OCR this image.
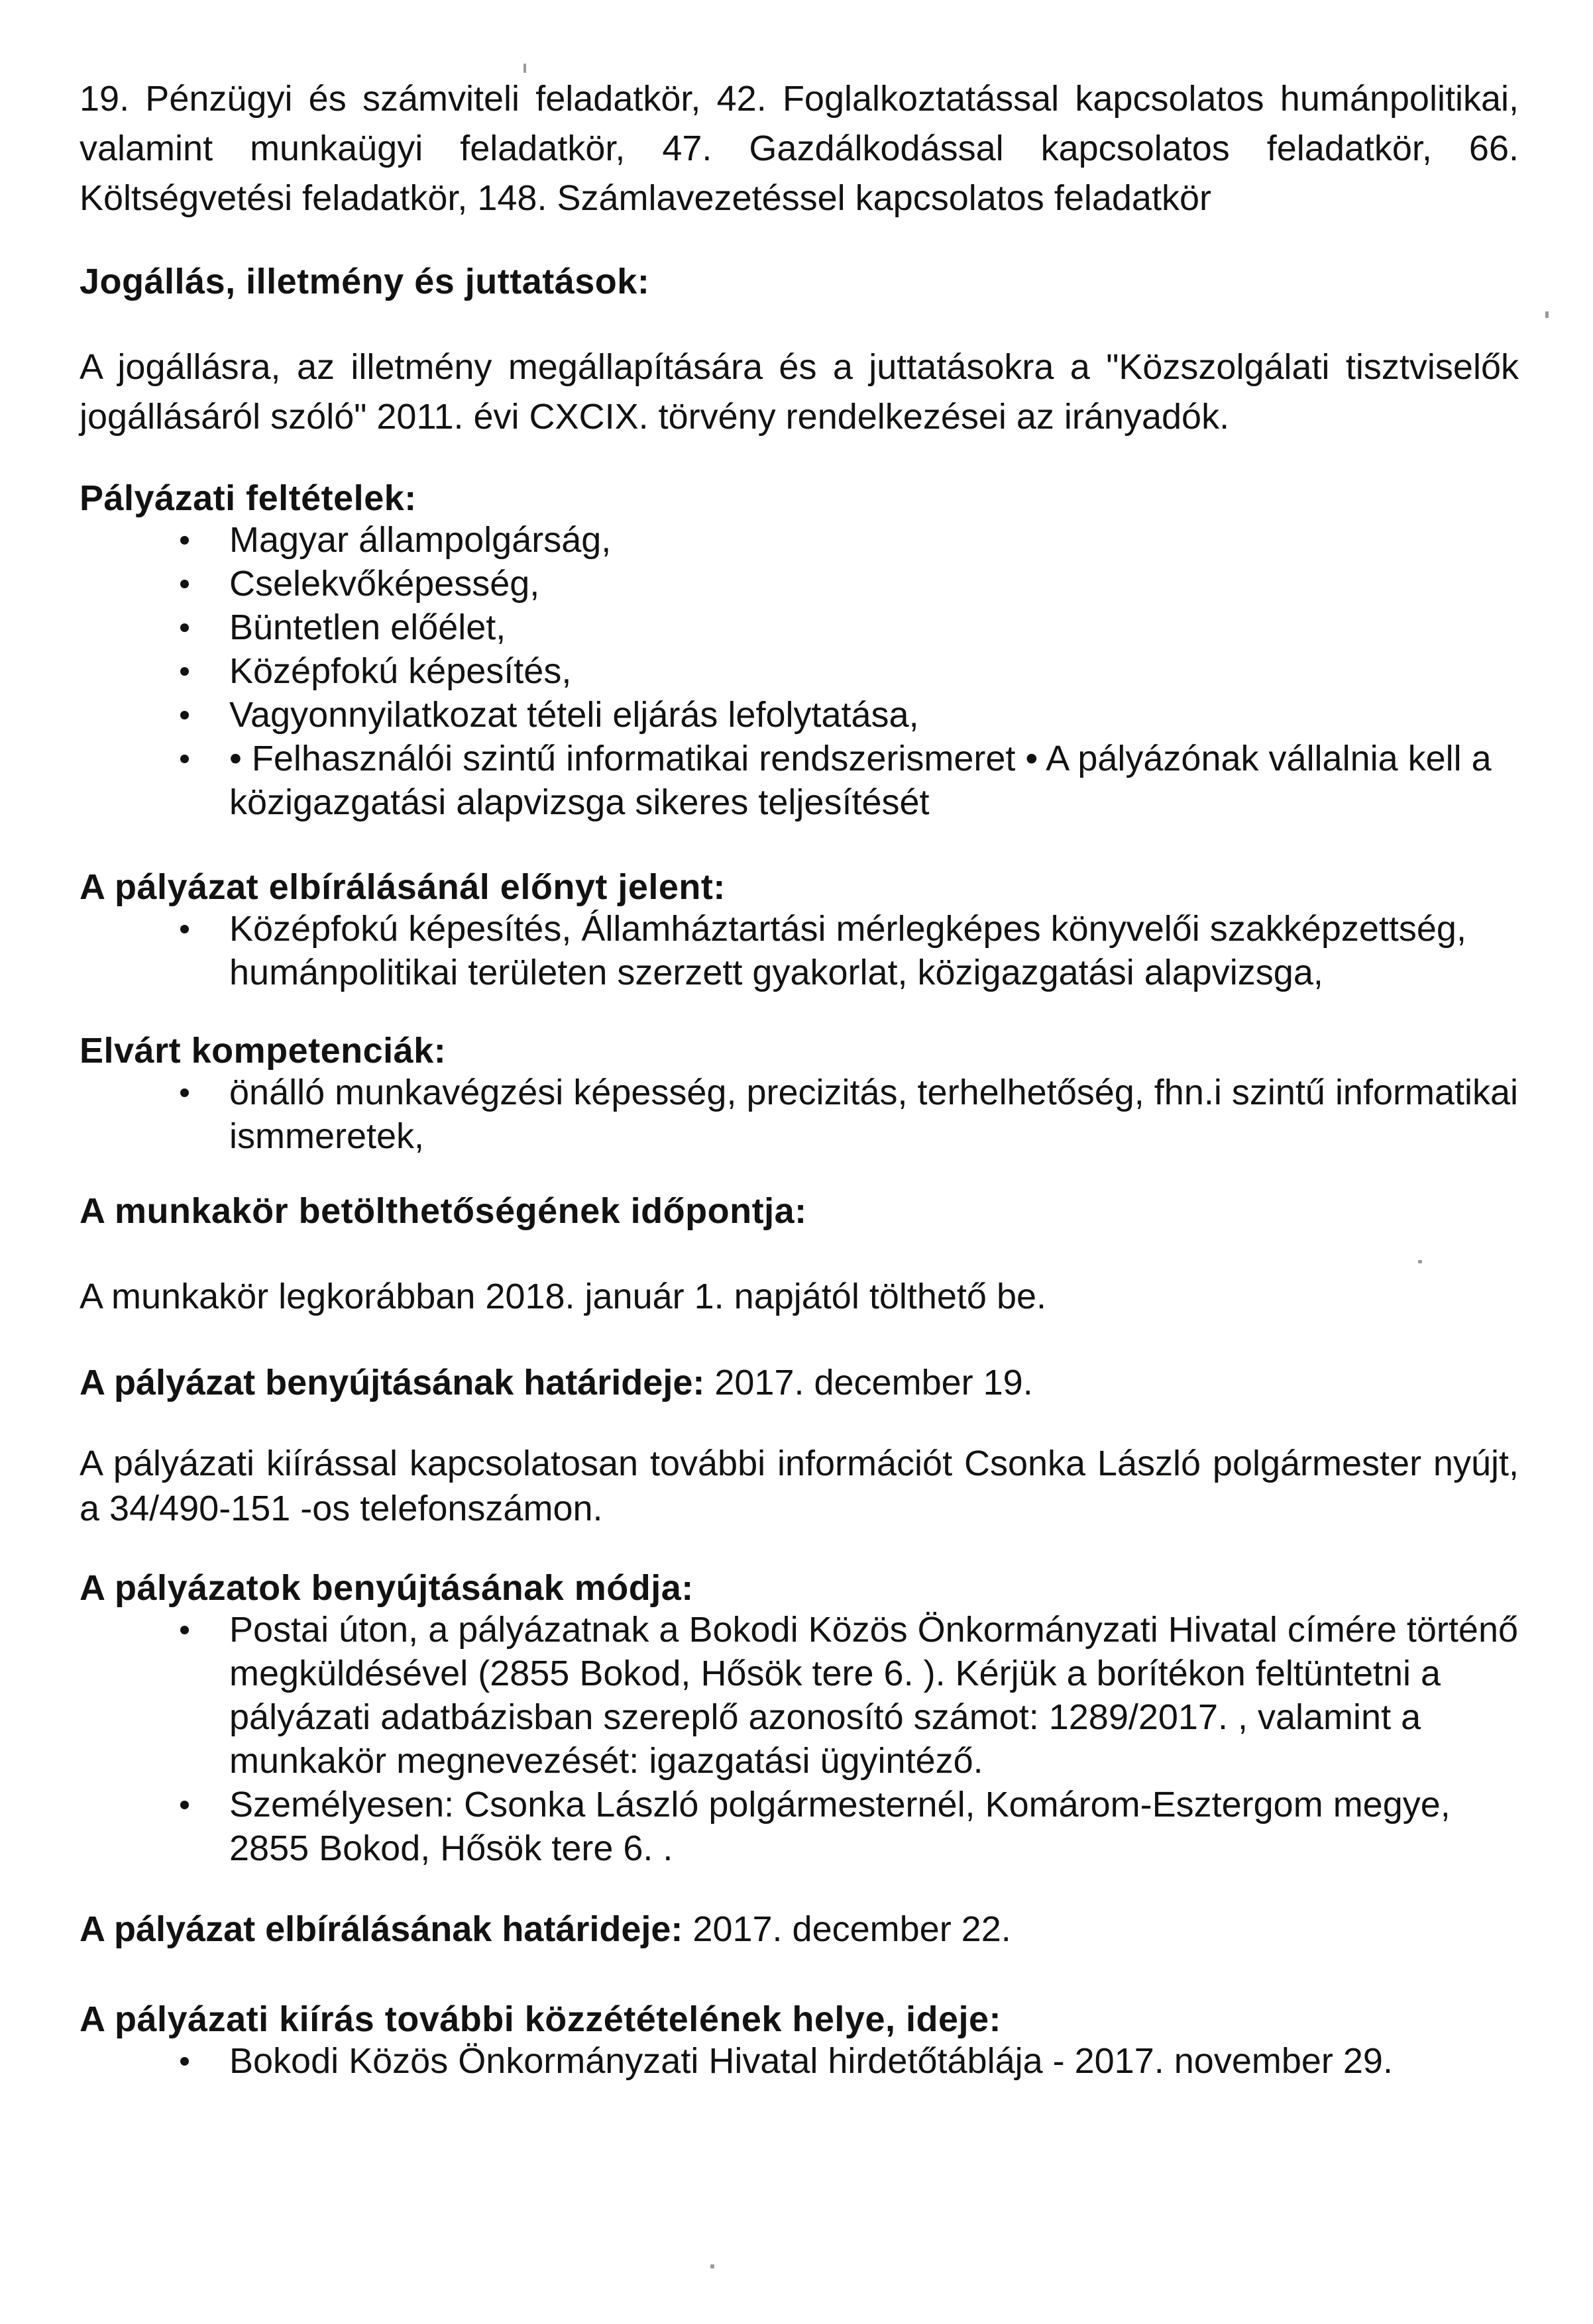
19. Pénzügyi és számviteli feladatkör, 42. Foglalkoztatással kapcsolatos humánpolitikai, valamint munkaügyi feladatkör, 47. Gazdálkodással kapcsolatos feladatkör, 66. Költségvetési feladatkör, 148. Számlavezetéssel kapcsolatos feladatkör

Jogállás, illetmény és juttatások:

A jogállásra, az illetmény megállapítására és a juttatásokra a "Közszolgálati tisztviselők jogállásáról szóló" 2011. évi CXCIX. törvény rendelkezései az irányadók.

Pályázati feltételek:
Magyar állampolgárság,
Cselekvőképesség,
Büntetlen előélet,
Középfokú képesítés,
Vagyonnyilatkozat tételi eljárás lefolytatása,
• Felhasználói szintű informatikai rendszerismeret • A pályázónak vállalnia kell a közigazgatási alapvizsga sikeres teljesítését
A pályázat elbírálásánál előnyt jelent:
Középfokú képesítés, Államháztartási mérlegképes könyvelői szakképzettség, humánpolitikai területen szerzett gyakorlat, közigazgatási alapvizsga,
Elvárt kompetenciák:
önálló munkavégzési képesség, precizitás, terhelhetőség, fhn.i szintű informatikai ismmeretek,
A munkakör betölthetőségének időpontja:

A munkakör legkorábban 2018. január 1. napjától tölthető be.

A pályázat benyújtásának határideje: 2017. december 19.

A pályázati kiírással kapcsolatosan további információt Csonka László polgármester nyújt, a 34/490-151 -os telefonszámon.

A pályázatok benyújtásának módja:
Postai úton, a pályázatnak a Bokodi Közös Önkormányzati Hivatal címére történő megküldésével (2855 Bokod, Hősök tere 6. ). Kérjük a borítékon feltüntetni a pályázati adatbázisban szereplő azonosító számot: 1289/2017. , valamint a munkakör megnevezését: igazgatási ügyintéző.
Személyesen: Csonka László polgármesternél, Komárom-Esztergom megye, 2855 Bokod, Hősök tere 6. .

A pályázat elbírálásának határideje: 2017. december 22.

A pályázati kiírás további közzétételének helye, ideje:
Bokodi Közös Önkormányzati Hivatal hirdetőtáblája - 2017. november 29.
